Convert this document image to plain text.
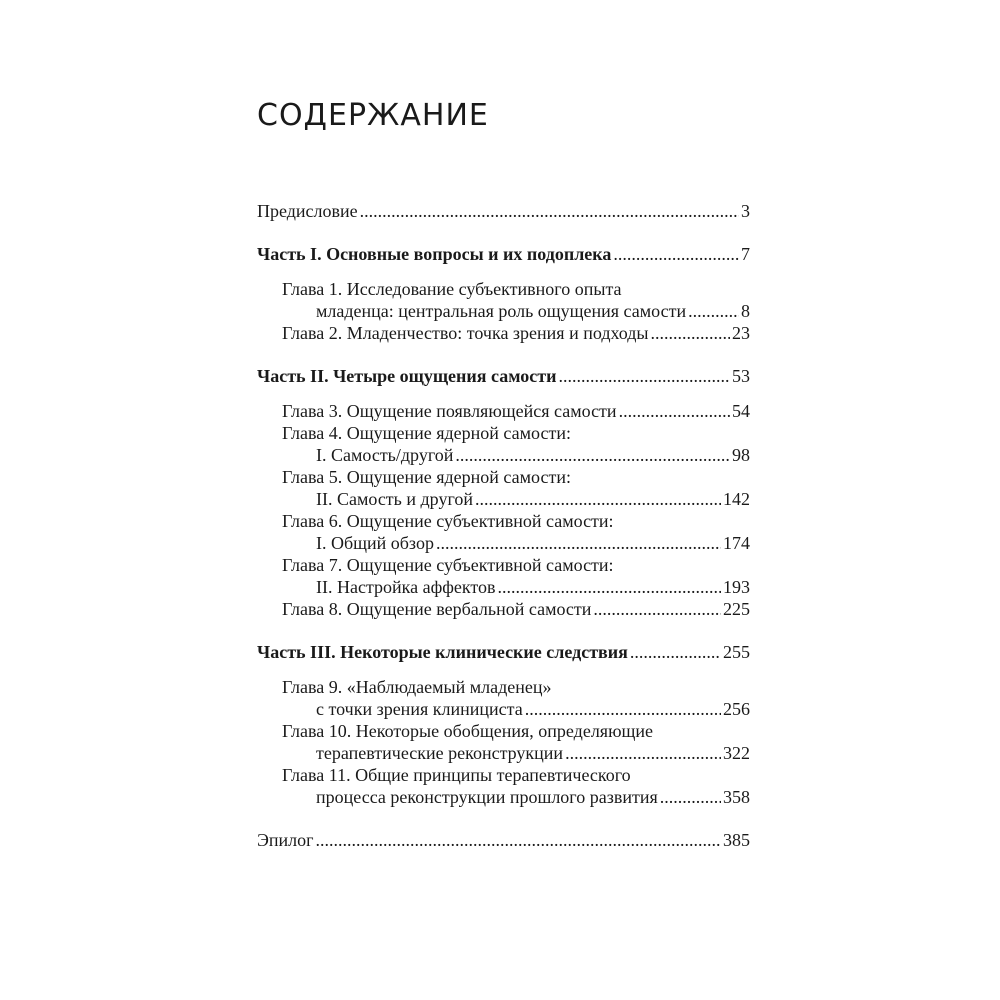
СОДЕРЖАНИЕ
Предисловие .....	3
Часть I. Основные вопросы и их подоплека .....	7
Глава 1. Исследование субъективного опыта
младенца: центральная роль ощущения самости .....	8
Глава 2. Младенчество: точка зрения и подходы .....	23
Часть II. Четыре ощущения самости .....	53
Глава 3. Ощущение появляющейся самости .....	54
Глава 4. Ощущение ядерной самости:
I. Самость/другой .....	98
Глава 5. Ощущение ядерной самости:
II. Самость и другой .....	142
Глава 6. Ощущение субъективной самости:
I. Общий обзор .....	174
Глава 7. Ощущение субъективной самости:
II. Настройка аффектов .....	193
Глава 8. Ощущение вербальной самости .....	225
Часть III. Некоторые клинические следствия .....	255
Глава 9. «Наблюдаемый младенец»
с точки зрения клинициста .....	256
Глава 10. Некоторые обобщения, определяющие
терапевтические реконструкции .....	322
Глава 11. Общие принципы терапевтического
процесса реконструкции прошлого развития .....	358
Эпилог .....	385
